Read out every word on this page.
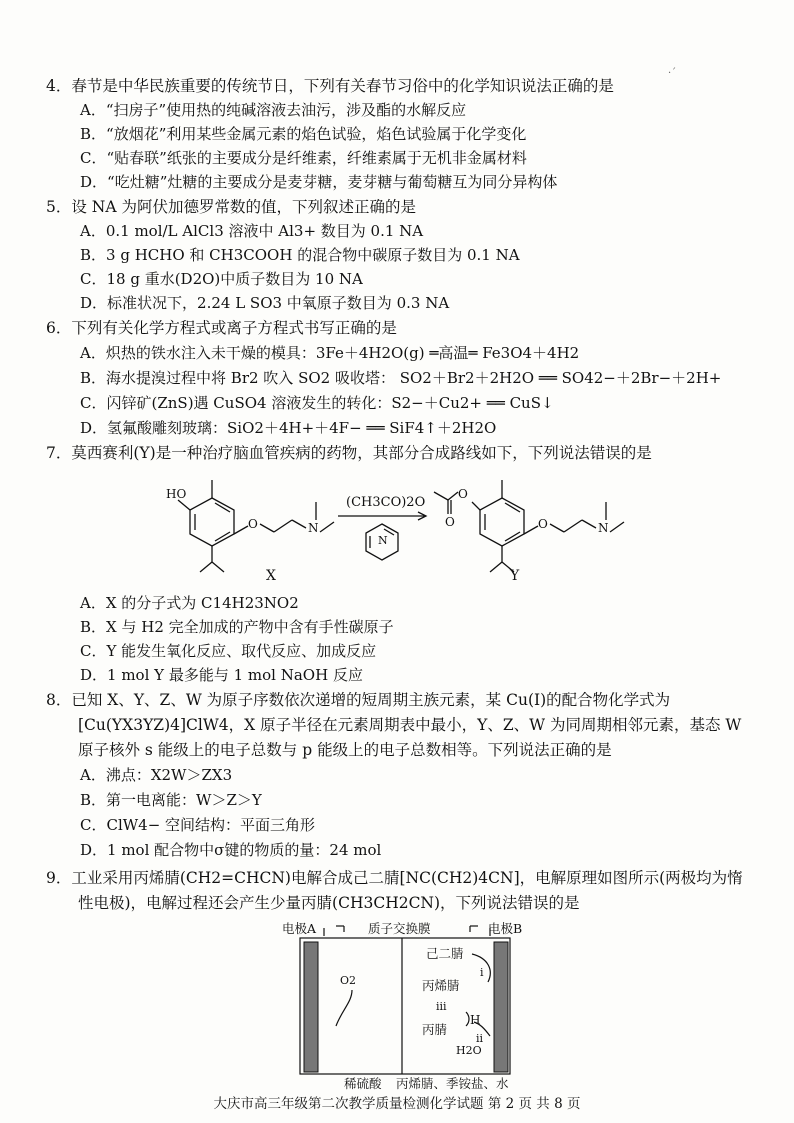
·´
4．春节是中华民族重要的传统节日，下列有关春节习俗中的化学知识说法正确的是
A．“扫房子”使用热的纯碱溶液去油污，涉及酯的水解反应
B．“放烟花”利用某些金属元素的焰色试验，焰色试验属于化学变化
C．“贴春联”纸张的主要成分是纤维素，纤维素属于无机非金属材料
D．“吃灶糖”灶糖的主要成分是麦芽糖，麦芽糖与葡萄糖互为同分异构体
5．设 NA 为阿伏加德罗常数的值，下列叙述正确的是
A．0.1 mol/L AlCl3 溶液中 Al3+ 数目为 0.1 NA
B．3 g HCHO 和 CH3COOH 的混合物中碳原子数目为 0.1 NA
C．18 g 重水(D2O)中质子数目为 10 NA
D．标准状况下，2.24 L SO3 中氧原子数目为 0.3 NA
6．下列有关化学方程式或离子方程式书写正确的是
A．炽热的铁水注入未干燥的模具：3Fe＋4H2O(g) ═高温═ Fe3O4＋4H2
B．海水提溴过程中将 Br2 吹入 SO2 吸收塔： SO2＋Br2＋2H2O ══ SO42−＋2Br−＋2H+
C．闪锌矿(ZnS)遇 CuSO4 溶液发生的转化：S2−＋Cu2+ ══ CuS↓
D．氢氟酸雕刻玻璃：SiO2＋4H+＋4F− ══ SiF4↑＋2H2O
7．莫西赛利(Y)是一种治疗脑血管疾病的药物，其部分合成路线如下，下列说法错误的是
HO
O	N
(CH3CO)2O
N
O
O	O	N
X	Y
A．X 的分子式为 C14H23NO2
B．X 与 H2 完全加成的产物中含有手性碳原子
C．Y 能发生氧化反应、取代反应、加成反应
D．1 mol Y 最多能与 1 mol NaOH 反应
8．已知 X、Y、Z、W 为原子序数依次递增的短周期主族元素，某 Cu(I)的配合物化学式为
[Cu(YX3YZ)4]ClW4，X 原子半径在元素周期表中最小，Y、Z、W 为同周期相邻元素，基态 W
原子核外 s 能级上的电子总数与 p 能级上的电子总数相等。下列说法正确的是
A．沸点：X2W＞ZX3
B．第一电离能：W＞Z＞Y
C．ClW4− 空间结构：平面三角形
D．1 mol 配合物中σ键的物质的量：24 mol
9．工业采用丙烯腈(CH2=CHCN)电解合成己二腈[NC(CH2)4CN]，电解原理如图所示(两极均为惰
性电极)，电解过程还会产生少量丙腈(CH3CH2CN)，下列说法错误的是
电极A	质子交换膜	电极B
O2
己二腈
i
丙烯腈
iii
H
丙腈
ii
H2O
稀硫酸 丙烯腈、季铵盐、水
大庆市高三年级第二次教学质量检测化学试题 第 2 页 共 8 页
